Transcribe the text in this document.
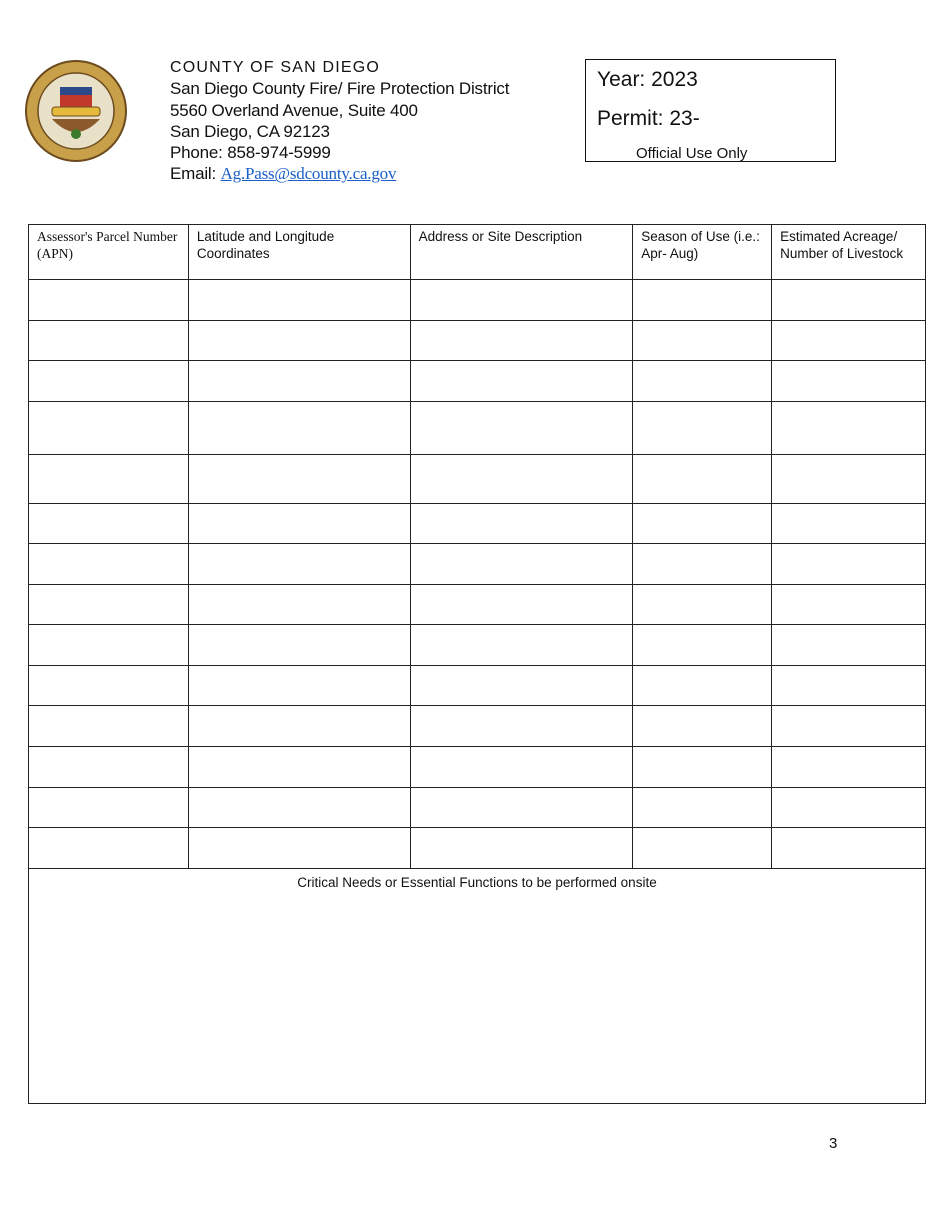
COUNTY OF SAN DIEGO
San Diego County Fire/ Fire Protection District
5560 Overland Avenue, Suite 400
San Diego, CA 92123
Phone: 858-974-5999
Email: Ag.Pass@sdcounty.ca.gov
Year: 2023
Permit: 23-
Official Use Only
Assessor's Parcel Number (APN)	Latitude and Longitude Coordinates	Address or Site Description	Season of Use (i.e.: Apr- Aug)	Estimated Acreage/ Number of Livestock

Critical Needs or Essential Functions to be performed onsite				
3
